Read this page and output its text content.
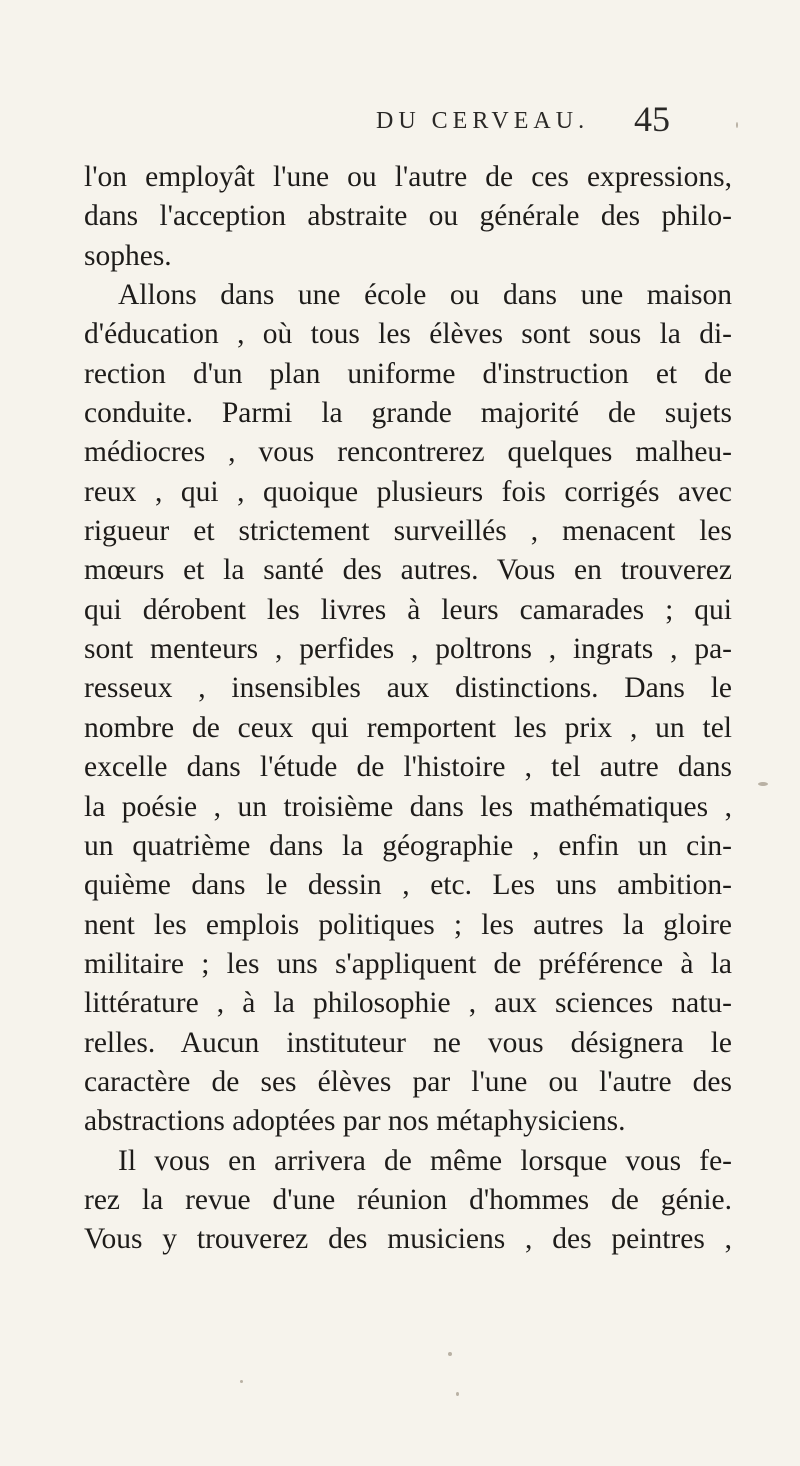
DU CERVEAU. 45
l'on employât l'une ou l'autre de ces expressions,
dans l'acception abstraite ou générale des philo-
sophes.
Allons dans une école ou dans une maison
d'éducation , où tous les élèves sont sous la di-
rection d'un plan uniforme d'instruction et de
conduite. Parmi la grande majorité de sujets
médiocres , vous rencontrerez quelques malheu-
reux , qui , quoique plusieurs fois corrigés avec
rigueur et strictement surveillés , menacent les
mœurs et la santé des autres. Vous en trouverez
qui dérobent les livres à leurs camarades ; qui
sont menteurs , perfides , poltrons , ingrats , pa-
resseux , insensibles aux distinctions. Dans le
nombre de ceux qui remportent les prix , un tel
excelle dans l'étude de l'histoire , tel autre dans
la poésie , un troisième dans les mathématiques ,
un quatrième dans la géographie , enfin un cin-
quième dans le dessin , etc. Les uns ambition-
nent les emplois politiques ; les autres la gloire
militaire ; les uns s'appliquent de préférence à la
littérature , à la philosophie , aux sciences natu-
relles. Aucun instituteur ne vous désignera le
caractère de ses élèves par l'une ou l'autre des
abstractions adoptées par nos métaphysiciens.
Il vous en arrivera de même lorsque vous fe-
rez la revue d'une réunion d'hommes de génie.
Vous y trouverez des musiciens , des peintres ,
